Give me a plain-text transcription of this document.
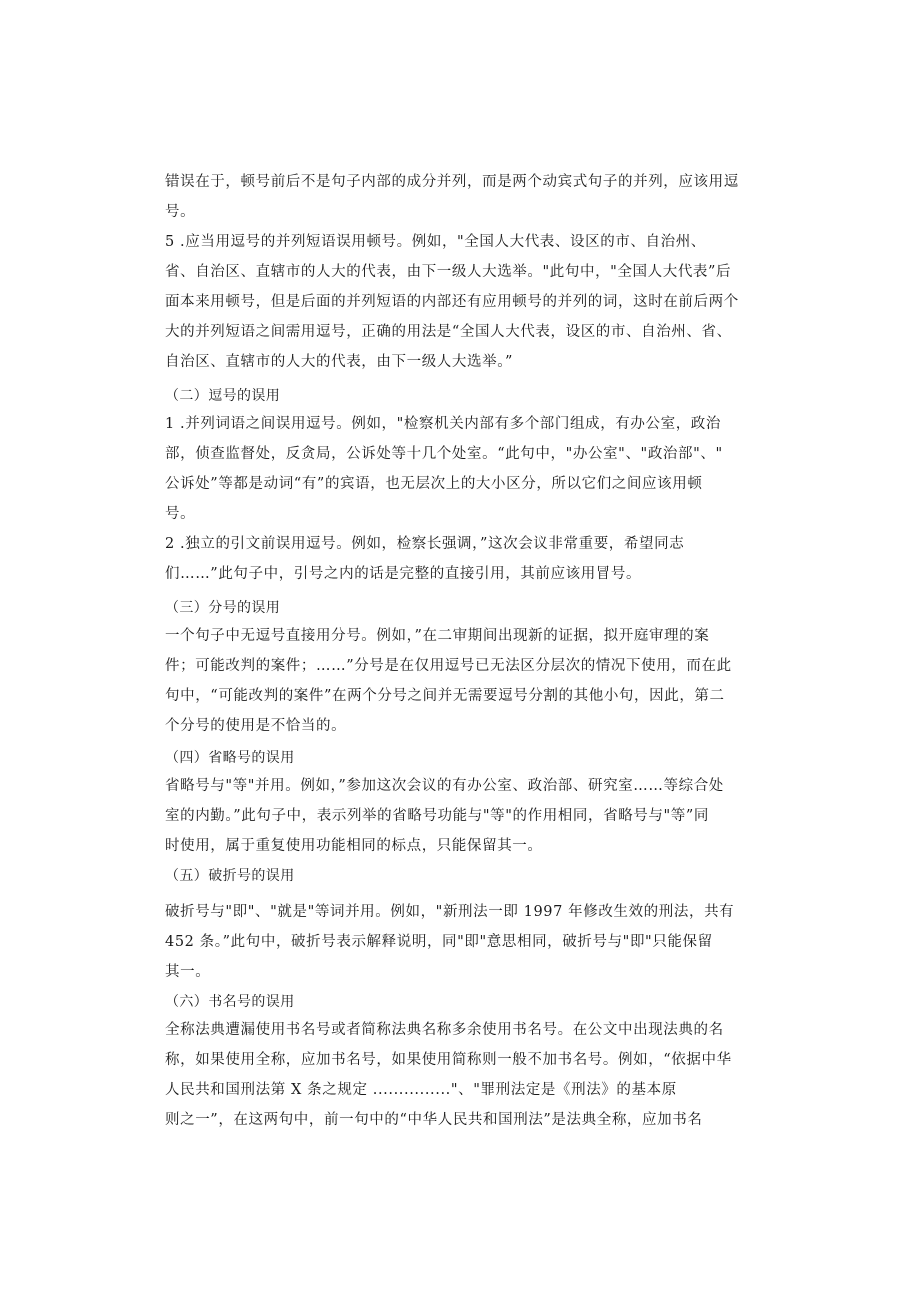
错误在于，顿号前后不是句子内部的成分并列，而是两个动宾式句子的并列，应该用逗
号。
5 .应当用逗号的并列短语误用顿号。例如，"全国人大代表、设区的市、自治州、
省、自治区、直辖市的人大的代表，由下一级人大选举。"此句中，"全国人大代表”后
面本来用顿号，但是后面的并列短语的内部还有应用顿号的并列的词，这时在前后两个
大的并列短语之间需用逗号，正确的用法是“全国人大代表，设区的市、自治州、省、
自治区、直辖市的人大的代表，由下一级人大选举。”
（二）逗号的误用
1 .并列词语之间误用逗号。例如，"检察机关内部有多个部门组成，有办公室，政治
部，侦查监督处，反贪局，公诉处等十几个处室。“此句中，"办公室"、"政治部"、"
公诉处”等都是动词“有”的宾语，也无层次上的大小区分，所以它们之间应该用顿
号。
2 .独立的引文前误用逗号。例如，检察长强调，”这次会议非常重要，希望同志
们……”此句子中，引号之内的话是完整的直接引用，其前应该用冒号。
（三）分号的误用
一个句子中无逗号直接用分号。例如，”在二审期间出现新的证据，拟开庭审理的案
件；可能改判的案件；……”分号是在仅用逗号已无法区分层次的情况下使用，而在此
句中，“可能改判的案件”在两个分号之间并无需要逗号分割的其他小句，因此，第二
个分号的使用是不恰当的。
（四）省略号的误用
省略号与"等"并用。例如，”参加这次会议的有办公室、政治部、研究室……等综合处
室的内勤。”此句子中，表示列举的省略号功能与"等"的作用相同，省略号与"等”同
时使用，属于重复使用功能相同的标点，只能保留其一。
（五）破折号的误用
破折号与"即"、"就是"等词并用。例如，"新刑法一即 1997 年修改生效的刑法，共有
452 条。”此句中，破折号表示解释说明，同"即"意思相同，破折号与"即"只能保留
其一。
（六）书名号的误用
全称法典遭漏使用书名号或者简称法典名称多余使用书名号。在公文中出现法典的名
称，如果使用全称，应加书名号，如果使用简称则一般不加书名号。例如，“依据中华
人民共和国刑法第 X 条之规定 ..............."、"罪刑法定是《刑法》的基本原
则之一”，在这两句中，前一句中的“中华人民共和国刑法”是法典全称，应加书名
